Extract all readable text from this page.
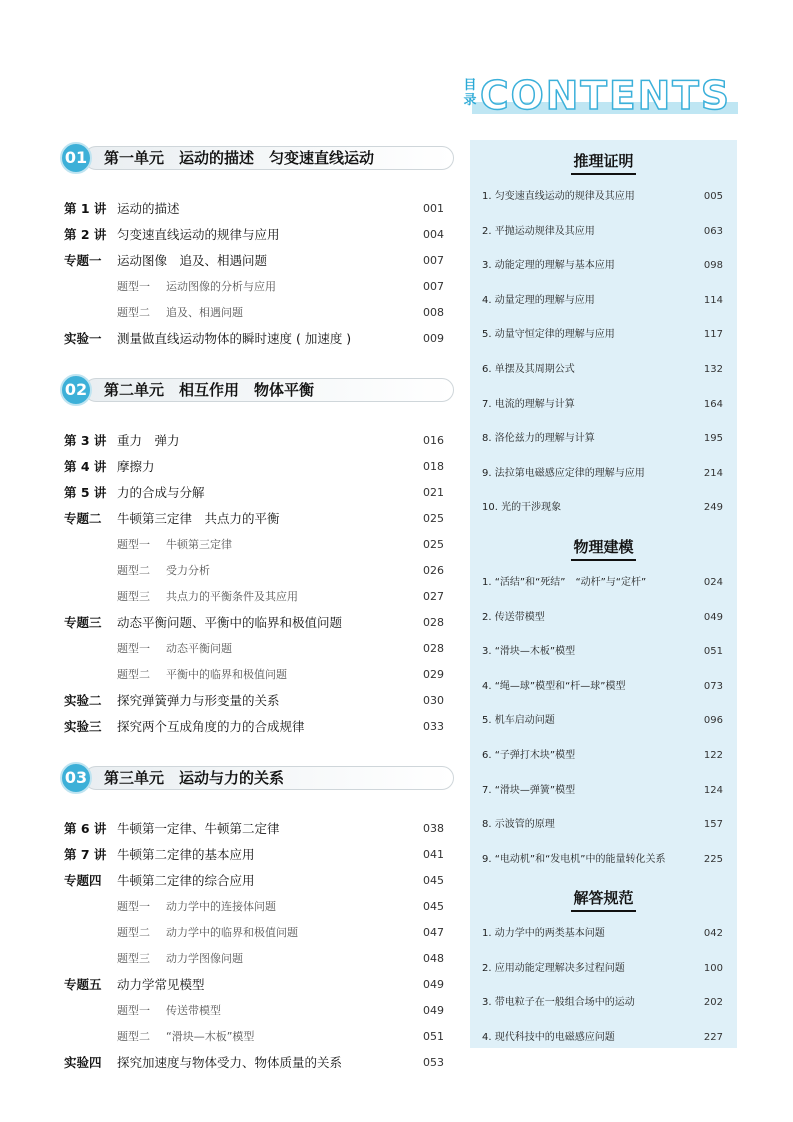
目录 CONTENTS
01	第一单元　运动的描述　匀变速直线运动
第 1 讲 运动的描述	001
第 2 讲 匀变速直线运动的规律与应用	004
专题一 运动图像　追及、相遇问题	007
题型一 运动图像的分析与应用	007
题型二 追及、相遇问题	008
实验一 测量做直线运动物体的瞬时速度 ( 加速度 )	009
02	第二单元　相互作用　物体平衡
第 3 讲 重力　弹力	016
第 4 讲 摩擦力	018
第 5 讲 力的合成与分解	021
专题二 牛顿第三定律　共点力的平衡	025
题型一 牛顿第三定律	025
题型二 受力分析	026
题型三 共点力的平衡条件及其应用	027
专题三 动态平衡问题、平衡中的临界和极值问题	028
题型一 动态平衡问题	028
题型二 平衡中的临界和极值问题	029
实验二 探究弹簧弹力与形变量的关系	030
实验三 探究两个互成角度的力的合成规律	033
03	第三单元　运动与力的关系
第 6 讲 牛顿第一定律、牛顿第二定律	038
第 7 讲 牛顿第二定律的基本应用	041
专题四 牛顿第二定律的综合应用	045
题型一 动力学中的连接体问题	045
题型二 动力学中的临界和极值问题	047
题型三 动力学图像问题	048
专题五 动力学常见模型	049
题型一 传送带模型	049
题型二 “滑块—木板”模型	051
实验四 探究加速度与物体受力、物体质量的关系	053
推理证明
1. 匀变速直线运动的规律及其应用	005
2. 平抛运动规律及其应用	063
3. 动能定理的理解与基本应用	098
4. 动量定理的理解与应用	114
5. 动量守恒定律的理解与应用	117
6. 单摆及其周期公式	132
7. 电流的理解与计算	164
8. 洛伦兹力的理解与计算	195
9. 法拉第电磁感应定律的理解与应用	214
10. 光的干涉现象	249
物理建模
1. “活结”和“死结”　“动杆”与“定杆”	024
2. 传送带模型	049
3. “滑块—木板”模型	051
4. “绳—球”模型和“杆—球”模型	073
5. 机车启动问题	096
6. “子弹打木块”模型	122
7. “滑块—弹簧”模型	124
8. 示波管的原理	157
9. “电动机”和“发电机”中的能量转化关系	225
解答规范
1. 动力学中的两类基本问题	042
2. 应用动能定理解决多过程问题	100
3. 带电粒子在一般组合场中的运动	202
4. 现代科技中的电磁感应问题	227
